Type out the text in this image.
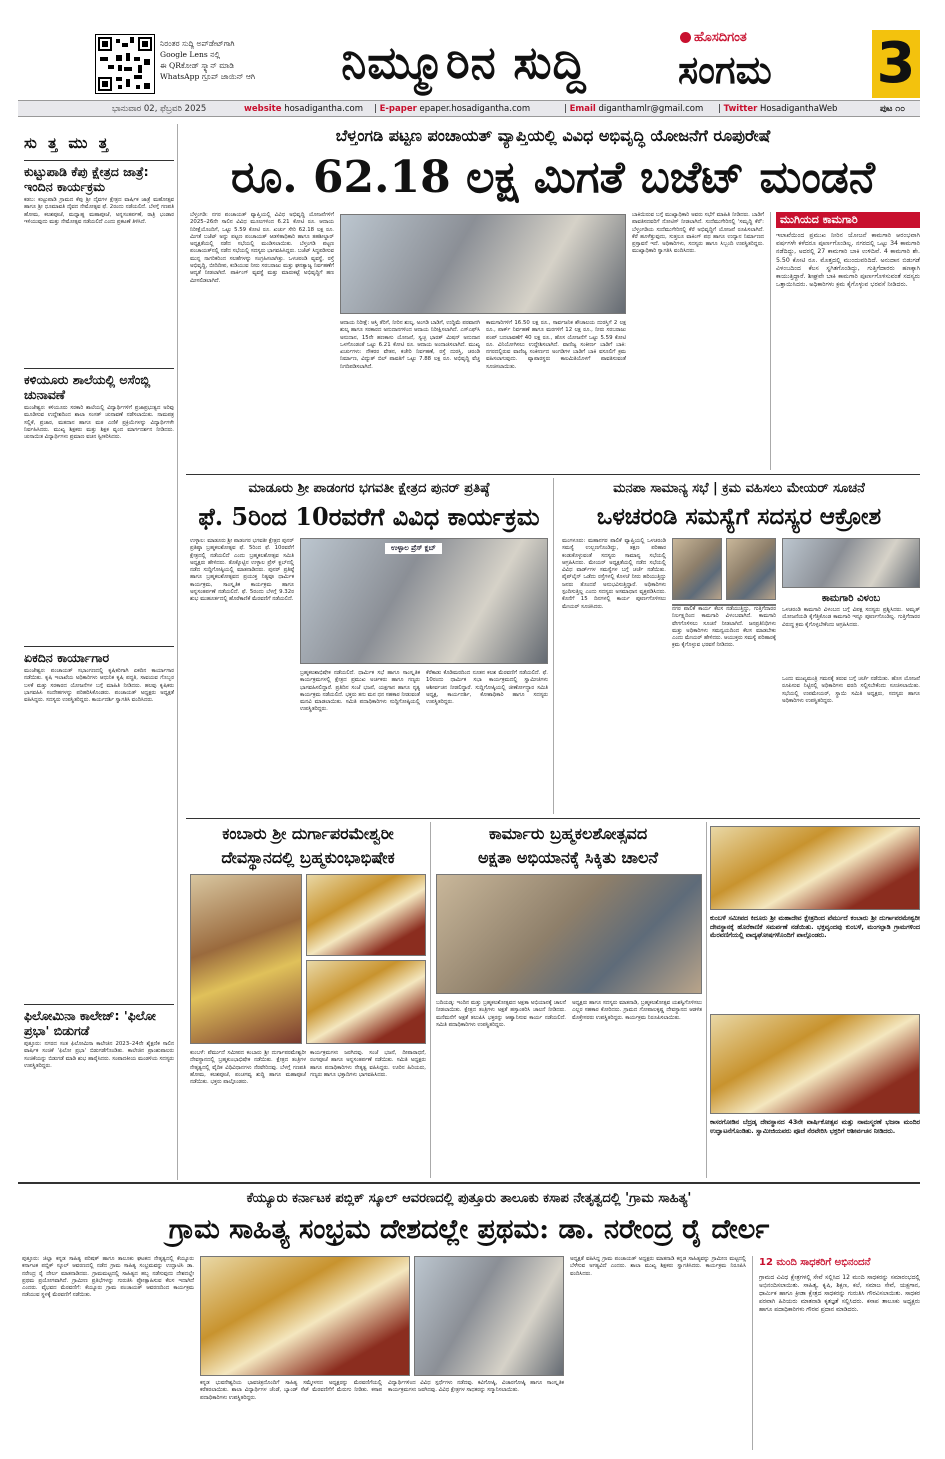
ನಿರಂತರ ಸುದ್ದಿ ಅಪ್‌ಡೇಟ್‌ಗಾಗಿ
Google Lens ನಲ್ಲಿ
ಈ QRಕೋಡ್ ಸ್ಕ್ಯಾನ್ ಮಾಡಿ
WhatsApp ಗ್ರೂಪ್ ಜಾಯಿನ್ ಆಗಿ	ನಿಮ್ಮೂರಿನ ಸುದ್ದಿ	ಹೊಸದಿಗಂತ
ಸಂಗಮ 3
ಭಾನುವಾರ 02, ಫೆಬ್ರವರಿ 2025	website hosadigantha.com | E-paper epaper.hosadigantha.com	| Email diganthamlr@gmail.com | Twitter HosadiganthaWeb	ಪುಟ ೧೦
ಸು ತ್ತ ಮು ತ್ತ
ಕುಟ್ಟುಪಾಡಿ ಕೆಪು ಕ್ಷೇತ್ರದ ಜಾತ್ರೆ: ಇಂದಿನ ಕಾರ್ಯಕ್ರಮ
ಕಡಬ: ಕುಟ್ಟುಪಾಡಿ ಗ್ರಾಮದ ಕೆಪು ಶ್ರೀ ದೈವಗಳ ಕ್ಷೇತ್ರದ ವಾರ್ಷಿಕ ಜಾತ್ರೆ ಮಹೋತ್ಸವ ಹಾಗೂ ಶ್ರೀ ಧೂಮಾವತಿ ದೈವದ ನೇಮೋತ್ಸವ ಫೆ. 2ರಂದು ನಡೆಯಲಿದೆ. ಬೆಳಗ್ಗೆ ಗಣಪತಿ ಹೋಮ, ಕಲಶಪೂಜೆ, ಮಧ್ಯಾಹ್ನ ಮಹಾಪೂಜೆ, ಅನ್ನಸಂತರ್ಪಣೆ, ರಾತ್ರಿ ಭಂಡಾರ ಇಳಿಯುವುದು ಮತ್ತು ನೇಮೋತ್ಸವ ನಡೆಯಲಿದೆ ಎಂದು ಪ್ರಕಟಣೆ ತಿಳಿಸಿದೆ.
ಕಳಿಯೂರು ಶಾಲೆಯಲ್ಲಿ ಅಸೆಂಬ್ಲಿ ಚುನಾವಣೆ
ಮಂಜೇಶ್ವರ: ಕಳಿಯೂರು ಸರಕಾರಿ ಶಾಲೆಯಲ್ಲಿ ವಿದ್ಯಾರ್ಥಿಗಳಿಗೆ ಪ್ರಜಾಪ್ರಭುತ್ವದ ಅರಿವು ಮೂಡಿಸುವ ಉದ್ದೇಶದಿಂದ ಶಾಲಾ ಸಂಸತ್ ಚುನಾವಣೆ ನಡೆಸಲಾಯಿತು. ನಾಮಪತ್ರ ಸಲ್ಲಿಕೆ, ಪ್ರಚಾರ, ಮತದಾನ ಹಾಗೂ ಮತ ಎಣಿಕೆ ಪ್ರಕ್ರಿಯೆಗಳನ್ನು ವಿದ್ಯಾರ್ಥಿಗಳೇ ನಿರ್ವಹಿಸಿದರು. ಮುಖ್ಯ ಶಿಕ್ಷಕರು ಮತ್ತು ಶಿಕ್ಷಕ ವೃಂದ ಮಾರ್ಗದರ್ಶನ ನೀಡಿದರು. ಚುನಾಯಿತ ವಿದ್ಯಾರ್ಥಿಗಳು ಪ್ರಮಾಣ ವಚನ ಸ್ವೀಕರಿಸಿದರು.
ಏಕದಿನ ಕಾರ್ಯಾಗಾರ
ಮಂಜೇಶ್ವರ: ಪಂಚಾಯತ್ ಸಭಾಂಗಣದಲ್ಲಿ ಕೃಷಿಕರಿಗಾಗಿ ಏಕದಿನ ಕಾರ್ಯಾಗಾರ ನಡೆಯಿತು. ಕೃಷಿ ಇಲಾಖೆಯ ಅಧಿಕಾರಿಗಳು ಆಧುನಿಕ ಕೃಷಿ ಪದ್ಧತಿ, ಸಾವಯವ ಗೊಬ್ಬರ ಬಳಕೆ ಮತ್ತು ಸರಕಾರದ ಯೋಜನೆಗಳ ಬಗ್ಗೆ ಮಾಹಿತಿ ನೀಡಿದರು. ಹಲವು ಕೃಷಿಕರು ಭಾಗವಹಿಸಿ ಸಂದೇಹಗಳನ್ನು ಪರಿಹರಿಸಿಕೊಂಡರು. ಪಂಚಾಯತ್ ಅಧ್ಯಕ್ಷರು ಅಧ್ಯಕ್ಷತೆ ವಹಿಸಿದ್ದರು. ಸದಸ್ಯರು ಉಪಸ್ಥಿತರಿದ್ದರು. ಕಾರ್ಯದರ್ಶಿ ಸ್ವಾಗತಿಸಿ ವಂದಿಸಿದರು.
ಫಿಲೋಮಿನಾ ಕಾಲೇಜ್: 'ಫಿಲೋ ಪ್ರಭಾ' ಬಿಡುಗಡೆ
ಪುತ್ತೂರು: ನಗರದ ಸಂತ ಫಿಲೋಮಿನಾ ಕಾಲೇಜಿನ 2023–24ನೇ ಶೈಕ್ಷಣಿಕ ಸಾಲಿನ ವಾರ್ಷಿಕ ಸಂಚಿಕೆ 'ಫಿಲೋ ಪ್ರಭಾ' ಬಿಡುಗಡೆಗೊಂಡಿತು. ಕಾಲೇಜಿನ ಪ್ರಾಂಶುಪಾಲರು ಸಂಚಿಕೆಯನ್ನು ಬಿಡುಗಡೆ ಮಾಡಿ ಶುಭ ಹಾರೈಸಿದರು. ಸಂಪಾದಕೀಯ ಮಂಡಳಿಯ ಸದಸ್ಯರು ಉಪಸ್ಥಿತರಿದ್ದರು.
ಬೆಳ್ತಂಗಡಿ ಪಟ್ಟಣ ಪಂಚಾಯತ್ ವ್ಯಾಪ್ತಿಯಲ್ಲಿ ವಿವಿಧ ಅಭಿವೃದ್ಧಿ ಯೋಜನೆಗೆ ರೂಪುರೇಷೆ
ರೂ. 62.18 ಲಕ್ಷ ಮಿಗತೆ ಬಜೆಟ್ ಮಂಡನೆ
ಬೆಳ್ತಂಗಡಿ: ನಗರ ಪಂಚಾಯತ್ ವ್ಯಾಪ್ತಿಯಲ್ಲಿ ವಿವಿಧ ಅಭಿವೃದ್ಧಿ ಯೋಜನೆಗಳಿಗೆ 2025–26ನೇ ಸಾಲಿನ ವಿವಿಧ ಮೂಲಗಳಿಂದ 6.21 ಕೋಟಿ ರೂ. ಆದಾಯ ನಿರೀಕ್ಷೆಯೊಂದಿಗೆ, ಒಟ್ಟು 5.59 ಕೋಟಿ ರೂ. ಖರ್ಚು ಸೇರಿ 62.18 ಲಕ್ಷ ರೂ. ಮಿಗತೆ ಬಜೆಟ್ ಅನ್ನು ಪಟ್ಟಣ ಪಂಚಾಯತ್ ಆಡಳಿತಾಧಿಕಾರಿ ಹಾಗೂ ತಹಶೀಲ್ದಾರ್ ಅಧ್ಯಕ್ಷತೆಯಲ್ಲಿ ನಡೆದ ಸಭೆಯಲ್ಲಿ ಮಂಡಿಸಲಾಯಿತು. ಬೆಳ್ತಂಗಡಿ ಪಟ್ಟಣ ಪಂಚಾಯತ್‌ನಲ್ಲಿ ನಡೆದ ಸಭೆಯಲ್ಲಿ ಸದಸ್ಯರು ಭಾಗವಹಿಸಿದ್ದರು. ಬಜೆಟ್ ಸಿದ್ಧಪಡಿಸುವ ಮುನ್ನ ನಾಗರಿಕರಿಂದ ಸಲಹೆಗಳನ್ನು ಸಂಗ್ರಹಿಸಲಾಗಿತ್ತು. ಒಳಚರಂಡಿ ವ್ಯವಸ್ಥೆ, ರಸ್ತೆ ಅಭಿವೃದ್ಧಿ, ಬೀದಿದೀಪ, ಕುಡಿಯುವ ನೀರು ಸರಬರಾಜು ಮತ್ತು ಘನತ್ಯಾಜ್ಯ ನಿರ್ವಹಣೆಗೆ ಆದ್ಯತೆ ನೀಡಲಾಗಿದೆ. ಪಾರ್ಕಿಂಗ್ ವ್ಯವಸ್ಥೆ ಮತ್ತು ಮಾರುಕಟ್ಟೆ ಅಭಿವೃದ್ಧಿಗೆ ಹಣ ಮೀಸಲಿಡಲಾಗಿದೆ.
ಆದಾಯ ನಿರೀಕ್ಷೆ: ಆಸ್ತಿ ತೆರಿಗೆ, ನೀರಿನ ಶುಲ್ಕ, ಅಂಗಡಿ ಬಾಡಿಗೆ, ಉದ್ದಿಮೆ ಪರವಾನಗಿ ಶುಲ್ಕ ಹಾಗೂ ಸರಕಾರದ ಅನುದಾನಗಳಿಂದ ಆದಾಯ ನಿರೀಕ್ಷಿಸಲಾಗಿದೆ. ಎಸ್‌ಎಫ್‌ಸಿ ಅನುದಾನ, 15ನೇ ಹಣಕಾಸು ಯೋಜನೆ, ಸ್ವಚ್ಛ ಭಾರತ್ ಮಿಷನ್ ಅನುದಾನ ಒಳಗೊಂಡಂತೆ ಒಟ್ಟು 6.21 ಕೋಟಿ ರೂ. ಆದಾಯ ಅಂದಾಜಿಸಲಾಗಿದೆ. ಮುಖ್ಯ ಖರ್ಚುಗಳು: ನೌಕರರ ವೇತನ, ಕಚೇರಿ ನಿರ್ವಹಣೆ, ರಸ್ತೆ ದುರಸ್ತಿ, ಚರಂಡಿ ನಿರ್ಮಾಣ, ವಿದ್ಯುತ್ ಬಿಲ್ ಪಾವತಿಗೆ ಒಟ್ಟು 7.88 ಲಕ್ಷ ರೂ. ಅಭಿವೃದ್ಧಿ ವೆಚ್ಚ ನಿಗದಿಪಡಿಸಲಾಗಿದೆ.
ಕಾಮಗಾರಿಗಳಿಗೆ 16.50 ಲಕ್ಷ ರೂ., ಸಾರ್ವಜನಿಕ ಶೌಚಾಲಯ ದುರಸ್ತಿಗೆ 2 ಲಕ್ಷ ರೂ., ಪಾರ್ಕ್ ನಿರ್ವಹಣೆ ಹಾಗೂ ಮರಗಳಿಗೆ 12 ಲಕ್ಷ ರೂ., ನೀರು ಸರಬರಾಜು ಪಂಪ್ ಬದಲಾವಣೆಗೆ 40 ಲಕ್ಷ ರೂ., ಹೊಸ ಯೋಜನೆಗೆ ಒಟ್ಟು 5.59 ಕೋಟಿ ರೂ. ವಿನಿಯೋಗಿಸಲು ಉದ್ದೇಶಿಸಲಾಗಿದೆ. ವಾಣಿಜ್ಯ ಸಂಕೀರ್ಣ ಬಾಡಿಗೆ ಬಾಕಿ: ನಗರದಲ್ಲಿರುವ ವಾಣಿಜ್ಯ ಸಂಕೀರ್ಣದ ಅಂಗಡಿಗಳ ಬಾಡಿಗೆ ಬಾಕಿ ವಸೂಲಿಗೆ ಕ್ರಮ ವಹಿಸಲಾಗುವುದು. ವ್ಯಾಪಾರಸ್ಥರು ಕಾಲಮಿತಿಯೊಳಗೆ ಪಾವತಿಸುವಂತೆ ಸೂಚಿಸಲಾಯಿತು.
ಬಾಕಿಯಿರುವ ಬಗ್ಗೆ ಮುಖ್ಯಾಧಿಕಾರಿ ಅವರು ಸಭೆಗೆ ಮಾಹಿತಿ ನೀಡಿದರು. ಬಾಡಿಗೆ ಪಾವತಿಸದವರಿಗೆ ನೋಟಿಸ್ ನೀಡಲಾಗಿದೆ. ಸುದೆಮುಗೇರಿನಲ್ಲಿ 'ಸಮೃದ್ಧಿ ಕೆರೆ': ಬೆಳ್ತಂಗಡಿಯ ಸುದೆಮುಗೇರಿನಲ್ಲಿ ಕೆರೆ ಅಭಿವೃದ್ಧಿಗೆ ಯೋಜನೆ ರೂಪಿಸಲಾಗಿದೆ. ಕೆರೆ ಹೂಳೆತ್ತುವುದು, ಸುತ್ತಲೂ ವಾಕಿಂಗ್ ಪಥ ಹಾಗೂ ಉದ್ಯಾನ ನಿರ್ಮಾಣದ ಪ್ರಸ್ತಾವನೆ ಇದೆ. ಅಧಿಕಾರಿಗಳು, ಸದಸ್ಯರು ಹಾಗೂ ಸಿಬ್ಬಂದಿ ಉಪಸ್ಥಿತರಿದ್ದರು. ಮುಖ್ಯಾಧಿಕಾರಿ ಸ್ವಾಗತಿಸಿ ವಂದಿಸಿದರು.
ಮುಗಿಯದ ಕಾಮಗಾರಿ
ಇಲಾಖೆಯಿಂದ ಪ್ರಮುಖ ನೀರಿನ ಯೋಜನೆ ಕಾಮಗಾರಿ ಆರಂಭವಾಗಿ ವರ್ಷಗಳೇ ಕಳೆದರೂ ಪೂರ್ಣಗೊಂಡಿಲ್ಲ. ನಗರದಲ್ಲಿ ಒಟ್ಟು 34 ಕಾಮಗಾರಿ ನಡೆದಿದ್ದು, ಅದರಲ್ಲಿ 27 ಕಾಮಗಾರಿ ಬಾಕಿ ಉಳಿದಿವೆ. 4 ಕಾಮಗಾರಿ ಶೇ. 5.50 ಕೋಟಿ ರೂ. ಮೊತ್ತದಲ್ಲಿ ಮುಂದುವರಿದಿದೆ. ಅನುದಾನ ಬಿಡುಗಡೆ ವಿಳಂಬದಿಂದ ಕೆಲಸ ಸ್ಥಗಿತಗೊಂಡಿದ್ದು, ಗುತ್ತಿಗೆದಾರರು ಹಣಕ್ಕಾಗಿ ಕಾಯುತ್ತಿದ್ದಾರೆ. ಶೀಘ್ರವೇ ಬಾಕಿ ಕಾಮಗಾರಿ ಪೂರ್ಣಗೊಳಿಸುವಂತೆ ಸದಸ್ಯರು ಒತ್ತಾಯಿಸಿದರು. ಅಧಿಕಾರಿಗಳು ಕ್ರಮ ಕೈಗೊಳ್ಳುವ ಭರವಸೆ ನೀಡಿದರು.
ಮಾಡೂರು ಶ್ರೀ ಪಾಡಂಗರ ಭಗವತೀ ಕ್ಷೇತ್ರದ ಪುನರ್ ಪ್ರತಿಷ್ಠೆ
ಫೆ. 5ರಿಂದ 10ರವರೆಗೆ ವಿವಿಧ ಕಾರ್ಯಕ್ರಮ
ಉಳ್ಳಾಲ: ಮಾಡೂರು ಶ್ರೀ ಪಾಡಂಗರ ಭಗವತೀ ಕ್ಷೇತ್ರದ ಪುನರ್ ಪ್ರತಿಷ್ಠಾ ಬ್ರಹ್ಮಕಲಶೋತ್ಸವ ಫೆ. 5ರಿಂದ ಫೆ. 10ರವರೆಗೆ ಕ್ಷೇತ್ರದಲ್ಲಿ ನಡೆಯಲಿದೆ ಎಂದು ಬ್ರಹ್ಮಕಲಶೋತ್ಸವ ಸಮಿತಿ ಅಧ್ಯಕ್ಷರು ಹೇಳಿದರು. ತೊಕ್ಕೊಟ್ಟಿನ ಉಳ್ಳಾಲ ಪ್ರೆಸ್ ಕ್ಲಬ್‌ನಲ್ಲಿ ನಡೆದ ಸುದ್ದಿಗೋಷ್ಠಿಯಲ್ಲಿ ಮಾತನಾಡಿದರು. ಪುನರ್ ಪ್ರತಿಷ್ಠೆ ಹಾಗೂ ಬ್ರಹ್ಮಕಲಶೋತ್ಸವದ ಪ್ರಯುಕ್ತ ನಿತ್ಯವೂ ಧಾರ್ಮಿಕ ಕಾರ್ಯಕ್ರಮ, ಸಾಂಸ್ಕೃತಿಕ ಕಾರ್ಯಕ್ರಮ ಹಾಗೂ ಅನ್ನಸಂತರ್ಪಣೆ ನಡೆಯಲಿದೆ. ಫೆ. 5ರಂದು ಬೆಳಗ್ಗೆ 9.32ರ ಶುಭ ಮುಹೂರ್ತದಲ್ಲಿ ಹೊರೆಕಾಣಿಕೆ ಮೆರವಣಿಗೆ ನಡೆಯಲಿದೆ.
ಉಳ್ಳಾಲ ಪ್ರೆಸ್ ಕ್ಲಬ್
ಬ್ರಹ್ಮಕಲಶಾಭಿಷೇಕ ನಡೆಯಲಿದೆ. ಧಾರ್ಮಿಕ ಸಭೆ ಹಾಗೂ ಸಾಂಸ್ಕೃತಿಕ ಕಾರ್ಯಕ್ರಮಗಳಲ್ಲಿ ಕ್ಷೇತ್ರದ ಪ್ರಮುಖ ಅರ್ಚಕರು ಹಾಗೂ ಗಣ್ಯರು ಭಾಗವಹಿಸಲಿದ್ದಾರೆ. ಪ್ರತಿದಿನ ಸಂಜೆ ಭಜನೆ, ಯಕ್ಷಗಾನ ಹಾಗೂ ನೃತ್ಯ ಕಾರ್ಯಕ್ರಮ ನಡೆಯಲಿದೆ. ಭಕ್ತರು ತನು ಮನ ಧನ ಸಹಕಾರ ನೀಡುವಂತೆ ಮನವಿ ಮಾಡಲಾಯಿತು. ಸಮಿತಿ ಪದಾಧಿಕಾರಿಗಳು ಸುದ್ದಿಗೋಷ್ಠಿಯಲ್ಲಿ ಉಪಸ್ಥಿತರಿದ್ದರು.
ಕೆರೆಕಾಡು ಕೊಡಿಮರದಿಂದ ನೂತನ ಕಲಶ ಮೆರವಣಿಗೆ ನಡೆಯಲಿದೆ. ಫೆ. 10ರಂದು ಧಾರ್ಮಿಕ ಸಭಾ ಕಾರ್ಯಕ್ರಮದಲ್ಲಿ ಸ್ವಾಮೀಜಿಗಳು ಆಶೀರ್ವಚನ ನೀಡಲಿದ್ದಾರೆ. ಸುದ್ದಿಗೋಷ್ಠಿಯಲ್ಲಿ ಜೀರ್ಣೋದ್ಧಾರ ಸಮಿತಿ ಅಧ್ಯಕ್ಷ, ಕಾರ್ಯದರ್ಶಿ, ಕೋಶಾಧಿಕಾರಿ ಹಾಗೂ ಸದಸ್ಯರು ಉಪಸ್ಥಿತರಿದ್ದರು.
ಮನಪಾ ಸಾಮಾನ್ಯ ಸಭೆ | ಕ್ರಮ ವಹಿಸಲು ಮೇಯರ್ ಸೂಚನೆ
ಒಳಚರಂಡಿ ಸಮಸ್ಯೆಗೆ ಸದಸ್ಯರ ಆಕ್ರೋಶ
ಮಂಗಳೂರು: ಮಹಾನಗರ ಪಾಲಿಕೆ ವ್ಯಾಪ್ತಿಯಲ್ಲಿ ಒಳಚರಂಡಿ ಸಮಸ್ಯೆ ಉಲ್ಬಣಗೊಂಡಿದ್ದು, ತಕ್ಷಣ ಪರಿಹಾರ ಕಂಡುಕೊಳ್ಳುವಂತೆ ಸದಸ್ಯರು ಸಾಮಾನ್ಯ ಸಭೆಯಲ್ಲಿ ಆಗ್ರಹಿಸಿದರು. ಮೇಯರ್ ಅಧ್ಯಕ್ಷತೆಯಲ್ಲಿ ನಡೆದ ಸಭೆಯಲ್ಲಿ ವಿವಿಧ ವಾರ್ಡ್‌ಗಳ ಸಮಸ್ಯೆಗಳ ಬಗ್ಗೆ ಚರ್ಚೆ ನಡೆಯಿತು. ಪೈಪ್‌ಲೈನ್ ಒಡೆದು ರಸ್ತೆಗಳಲ್ಲಿ ಕೊಳಚೆ ನೀರು ಹರಿಯುತ್ತಿದ್ದು ಜನರು ತೊಂದರೆ ಅನುಭವಿಸುತ್ತಿದ್ದಾರೆ. ಅಧಿಕಾರಿಗಳು ಸ್ಪಂದಿಸುತ್ತಿಲ್ಲ ಎಂದು ಸದಸ್ಯರು ಅಸಮಾಧಾನ ವ್ಯಕ್ತಪಡಿಸಿದರು. ಕೊನೆಗೆ 15 ದಿನಗಳಲ್ಲಿ ಕಾರ್ಯ ಪೂರ್ಣಗೊಳಿಸಲು ಮೇಯರ್ ಸೂಚಿಸಿದರು.	ನಗರ ಪಾಲಿಕೆ ಕಾರ್ಯ ಕೆಲಸ ನಡೆಯುತ್ತಿದ್ದು, ಗುತ್ತಿಗೆದಾರರ ನಿರ್ಲಕ್ಷ್ಯದಿಂದ ಕಾಮಗಾರಿ ವಿಳಂಬವಾಗಿದೆ. ಕಾಮಗಾರಿ ವೇಗಗೊಳಿಸಲು ಸೂಚನೆ ನೀಡಲಾಗಿದೆ. ಜನಪ್ರತಿನಿಧಿಗಳು ಮತ್ತು ಅಧಿಕಾರಿಗಳು ಸಮನ್ವಯದಿಂದ ಕೆಲಸ ಮಾಡಬೇಕು ಎಂದು ಮೇಯರ್ ಹೇಳಿದರು. ಆಯುಕ್ತರು ಸಮಸ್ಯೆ ಪರಿಹಾರಕ್ಕೆ ಕ್ರಮ ಕೈಗೊಳ್ಳುವ ಭರವಸೆ ನೀಡಿದರು.
ಕಾಮಗಾರಿ ವಿಳಂಬ
ಒಳಚರಂಡಿ ಕಾಮಗಾರಿ ವಿಳಂಬದ ಬಗ್ಗೆ ವಿಪಕ್ಷ ಸದಸ್ಯರು ಪ್ರಶ್ನಿಸಿದರು. ಅಮೃತ್ ಯೋಜನೆಯಡಿ ಕೈಗೆತ್ತಿಕೊಂಡ ಕಾಮಗಾರಿ ಇನ್ನೂ ಪೂರ್ಣಗೊಂಡಿಲ್ಲ. ಗುತ್ತಿಗೆದಾರರ ವಿರುದ್ಧ ಕ್ರಮ ಕೈಗೊಳ್ಳಬೇಕೆಂದು ಆಗ್ರಹಿಸಿದರು.
ಒಂದು ಮುಖ್ಯಮಂತ್ರಿ ಗಮನಕ್ಕೆ ತರುವ ಬಗ್ಗೆ ಚರ್ಚೆ ನಡೆಯಿತು. ಹೊಸ ಯೋಜನೆ ರೂಪಿಸುವ ನಿಟ್ಟಿನಲ್ಲಿ ಅಧಿಕಾರಿಗಳು ವರದಿ ಸಲ್ಲಿಸಬೇಕೆಂದು ಸೂಚಿಸಲಾಯಿತು. ಸಭೆಯಲ್ಲಿ ಉಪಮೇಯರ್, ಸ್ಥಾಯಿ ಸಮಿತಿ ಅಧ್ಯಕ್ಷರು, ಸದಸ್ಯರು ಹಾಗೂ ಅಧಿಕಾರಿಗಳು ಉಪಸ್ಥಿತರಿದ್ದರು.
ಕಂಬಾರು ಶ್ರೀ ದುರ್ಗಾಪರಮೇಶ್ವರೀ
ದೇವಸ್ಥಾನದಲ್ಲಿ ಬ್ರಹ್ಮಕುಂಭಾಭಿಷೇಕ
ಕುಂಬಳೆ: ಪೆರ್ಮುದೆ ಸಮೀಪದ ಕಂಬಾರು ಶ್ರೀ ದುರ್ಗಾಪರಮೇಶ್ವರೀ ದೇವಸ್ಥಾನದಲ್ಲಿ ಬ್ರಹ್ಮಕುಂಭಾಭಿಷೇಕ ನಡೆಯಿತು. ಕ್ಷೇತ್ರದ ತಂತ್ರಿಗಳ ನೇತೃತ್ವದಲ್ಲಿ ವೈದಿಕ ವಿಧಿವಿಧಾನಗಳು ನೆರವೇರಿದವು. ಬೆಳಗ್ಗೆ ಗಣಪತಿ ಹೋಮ, ಕಲಶಪೂಜೆ, ಪಂಚಗವ್ಯ ಶುದ್ಧಿ ಹಾಗೂ ಮಹಾಪೂಜೆ ನಡೆಯಿತು. ಭಕ್ತರು ಪಾಲ್ಗೊಂಡರು.
ಕಾರ್ಯಕ್ರಮಗಳು ಜರಗಿದವು. ಸಂಜೆ ಭಜನೆ, ದೀಪಾರಾಧನೆ, ರಂಗಪೂಜೆ ಹಾಗೂ ಅನ್ನಸಂತರ್ಪಣೆ ನಡೆಯಿತು. ಸಮಿತಿ ಅಧ್ಯಕ್ಷರು ಹಾಗೂ ಪದಾಧಿಕಾರಿಗಳು ನೇತೃತ್ವ ವಹಿಸಿದ್ದರು. ಊರಿನ ಹಿರಿಯರು, ಗಣ್ಯರು ಹಾಗೂ ಭಕ್ತಾದಿಗಳು ಭಾಗವಹಿಸಿದರು.
ಕಾರ್ಮಾರು ಬ್ರಹ್ಮಕಲಶೋತ್ಸವದ
ಅಕ್ಷತಾ ಅಭಿಯಾನಕ್ಕೆ ಸಿಕ್ಕಿತು ಚಾಲನೆ
ಬದಿಯಡ್ಕ: ಇಂದಿನ ಮತ್ತು ಬ್ರಹ್ಮಕಲಶೋತ್ಸವದ ಅಕ್ಷತಾ ಅಭಿಯಾನಕ್ಕೆ ಚಾಲನೆ ನೀಡಲಾಯಿತು. ಕ್ಷೇತ್ರದ ತಂತ್ರಿಗಳು ಅಕ್ಷತೆ ಹಸ್ತಾಂತರಿಸಿ ಚಾಲನೆ ನೀಡಿದರು. ಮನೆಮನೆಗೆ ಅಕ್ಷತೆ ತಲುಪಿಸಿ ಭಕ್ತರನ್ನು ಆಹ್ವಾನಿಸುವ ಕಾರ್ಯ ನಡೆಯಲಿದೆ. ಸಮಿತಿ ಪದಾಧಿಕಾರಿಗಳು ಉಪಸ್ಥಿತರಿದ್ದರು.
ಅಧ್ಯಕ್ಷರು ಹಾಗೂ ಸದಸ್ಯರು ಮಾತನಾಡಿ, ಬ್ರಹ್ಮಕಲಶೋತ್ಸವ ಯಶಸ್ವಿಗೊಳಿಸಲು ಎಲ್ಲರ ಸಹಕಾರ ಕೋರಿದರು. ಗ್ರಾಮದ ಗೋಪಾಲಕೃಷ್ಣ ದೇವಸ್ಥಾನದ ಆಡಳಿತ ಮೊಕ್ತೇಸರರು ಉಪಸ್ಥಿತರಿದ್ದರು. ಕಾರ್ಯಕ್ರಮ ನಿರೂಪಿಸಲಾಯಿತು.
ಕುಂಬಳೆ ಸಮೀಪದ ಕಿದೂರು ಶ್ರೀ ಮಹಾದೇವ ಕ್ಷೇತ್ರದಿಂದ ಪೆರ್ಮುದೆ ಕಂಬಾರು ಶ್ರೀ ದುರ್ಗಾಪರಮೇಶ್ವರೀ ದೇವಸ್ಥಾನಕ್ಕೆ ಹೊರೆಕಾಣಿಕೆ ಸಮರ್ಪಣೆ ನಡೆಯಿತು. ಭಕ್ತವೃಂದವು ಕುಂಬಳೆ, ಮಂಗಲ್ಪಾಡಿ ಗ್ರಾಮಗಳಿಂದ ಮೆರವಣಿಗೆಯಲ್ಲಿ ವಾದ್ಯಘೋಷಗಳೊಂದಿಗೆ ಪಾಲ್ಗೊಂಡರು.
ಕಾಸರಗೋಡಿನ ಬೆದ್ರಡ್ಕ ದೇವಸ್ಥಾನದ 43ನೇ ವಾರ್ಷಿಕೋತ್ಸವ ಮತ್ತು ನಾಮಸ್ಮರಣೆ ಭಜನಾ ಮಂದಿರ ಉದ್ಘಾಟನೆಗೊಂಡಿತು. ಸ್ವಾಮೀಜಿಯವರು ಪೂಜೆ ನೆರವೇರಿಸಿ ಭಕ್ತರಿಗೆ ಆಶೀರ್ವಚನ ನೀಡಿದರು.
ಕೆಯ್ಯೂರು ಕರ್ನಾಟಕ ಪಬ್ಲಿಕ್ ಸ್ಕೂಲ್ ಆವರಣದಲ್ಲಿ ಪುತ್ತೂರು ತಾಲೂಕು ಕಸಾಪ ನೇತೃತ್ವದಲ್ಲಿ 'ಗ್ರಾಮ ಸಾಹಿತ್ಯ'
ಗ್ರಾಮ ಸಾಹಿತ್ಯ ಸಂಭ್ರಮ ದೇಶದಲ್ಲೇ ಪ್ರಥಮ: ಡಾ. ನರೇಂದ್ರ ರೈ ದೇರ್ಲ
ಪುತ್ತೂರು: ಜಿಲ್ಲಾ ಕನ್ನಡ ಸಾಹಿತ್ಯ ಪರಿಷತ್ ಹಾಗೂ ತಾಲೂಕು ಘಟಕದ ನೇತೃತ್ವದಲ್ಲಿ ಕೆಯ್ಯೂರು ಕರ್ನಾಟಕ ಪಬ್ಲಿಕ್ ಸ್ಕೂಲ್ ಆವರಣದಲ್ಲಿ ನಡೆದ ಗ್ರಾಮ ಸಾಹಿತ್ಯ ಸಂಭ್ರಮವನ್ನು ಉದ್ಘಾಟಿಸಿ ಡಾ. ನರೇಂದ್ರ ರೈ ದೇರ್ಲ ಮಾತನಾಡಿದರು. ಗ್ರಾಮಮಟ್ಟದಲ್ಲಿ ಸಾಹಿತ್ಯದ ಹಬ್ಬ ನಡೆಸುವುದು ದೇಶದಲ್ಲೇ ಪ್ರಥಮ ಪ್ರಯೋಗವಾಗಿದೆ. ಗ್ರಾಮೀಣ ಪ್ರತಿಭೆಗಳನ್ನು ಗುರುತಿಸಿ ಪ್ರೋತ್ಸಾಹಿಸುವ ಕೆಲಸ ಇದಾಗಿದೆ ಎಂದರು. ವೈಭವದ ಮೆರವಣಿಗೆ: ಕೆಯ್ಯೂರು ಗ್ರಾಮ ಪಂಚಾಯತ್ ಆವರಣದಿಂದ ಕಾರ್ಯಕ್ರಮ ನಡೆಯುವ ಸ್ಥಳಕ್ಕೆ ಮೆರವಣಿಗೆ ನಡೆಯಿತು.
ಕನ್ನಡ ಭುವನೇಶ್ವರಿಯ ಭಾವಚಿತ್ರದೊಂದಿಗೆ ಸಾಹಿತ್ಯ ಸಮ್ಮೇಳನದ ಅಧ್ಯಕ್ಷರನ್ನು ಮೆರವಣಿಗೆಯಲ್ಲಿ ಕರೆತರಲಾಯಿತು. ಶಾಲಾ ವಿದ್ಯಾರ್ಥಿಗಳ ಚೆಂಡೆ, ಬ್ಯಾಂಡ್ ಸೆಟ್ ಮೆರವಣಿಗೆಗೆ ಮೆರುಗು ನೀಡಿತು. ಕಸಾಪ ಪದಾಧಿಕಾರಿಗಳು ಉಪಸ್ಥಿತರಿದ್ದರು.
ವಿದ್ಯಾರ್ಥಿಗಳಿಂದ ವಿವಿಧ ಸ್ಪರ್ಧೆಗಳು ನಡೆದವು. ಕವಿಗೋಷ್ಠಿ, ವಿಚಾರಗೋಷ್ಠಿ ಹಾಗೂ ಸಾಂಸ್ಕೃತಿಕ ಕಾರ್ಯಕ್ರಮಗಳು ಜರಗಿದವು. ವಿವಿಧ ಕ್ಷೇತ್ರಗಳ ಸಾಧಕರನ್ನು ಸನ್ಮಾನಿಸಲಾಯಿತು.
ಅಧ್ಯಕ್ಷತೆ ವಹಿಸಿದ್ದ ಗ್ರಾಮ ಪಂಚಾಯತ್ ಅಧ್ಯಕ್ಷರು ಮಾತನಾಡಿ ಕನ್ನಡ ಸಾಹಿತ್ಯವನ್ನು ಗ್ರಾಮೀಣ ಮಟ್ಟದಲ್ಲಿ ಬೆಳೆಸುವ ಅಗತ್ಯವಿದೆ ಎಂದರು. ಶಾಲಾ ಮುಖ್ಯ ಶಿಕ್ಷಕರು ಸ್ವಾಗತಿಸಿದರು. ಕಾರ್ಯಕ್ರಮ ನಿರೂಪಿಸಿ ವಂದಿಸಿದರು.
12 ಮಂದಿ ಸಾಧಕರಿಗೆ ಅಭಿನಂದನೆ
ಗ್ರಾಮದ ವಿವಿಧ ಕ್ಷೇತ್ರಗಳಲ್ಲಿ ಸೇವೆ ಸಲ್ಲಿಸಿದ 12 ಮಂದಿ ಸಾಧಕರನ್ನು ಸಮಾರಂಭದಲ್ಲಿ ಅಭಿನಂದಿಸಲಾಯಿತು. ಸಾಹಿತ್ಯ, ಕೃಷಿ, ಶಿಕ್ಷಣ, ಕಲೆ, ಸಮಾಜ ಸೇವೆ, ಯಕ್ಷಗಾನ, ಧಾರ್ಮಿಕ ಹಾಗೂ ಕ್ರೀಡಾ ಕ್ಷೇತ್ರದ ಸಾಧಕರನ್ನು ಗುರುತಿಸಿ ಗೌರವಿಸಲಾಯಿತು. ಸಾಧಕರ ಪರವಾಗಿ ಹಿರಿಯರು ಮಾತನಾಡಿ ಕೃತಜ್ಞತೆ ಸಲ್ಲಿಸಿದರು. ಕಸಾಪ ತಾಲೂಕು ಅಧ್ಯಕ್ಷರು ಹಾಗೂ ಪದಾಧಿಕಾರಿಗಳು ಗೌರವ ಪ್ರದಾನ ಮಾಡಿದರು.
